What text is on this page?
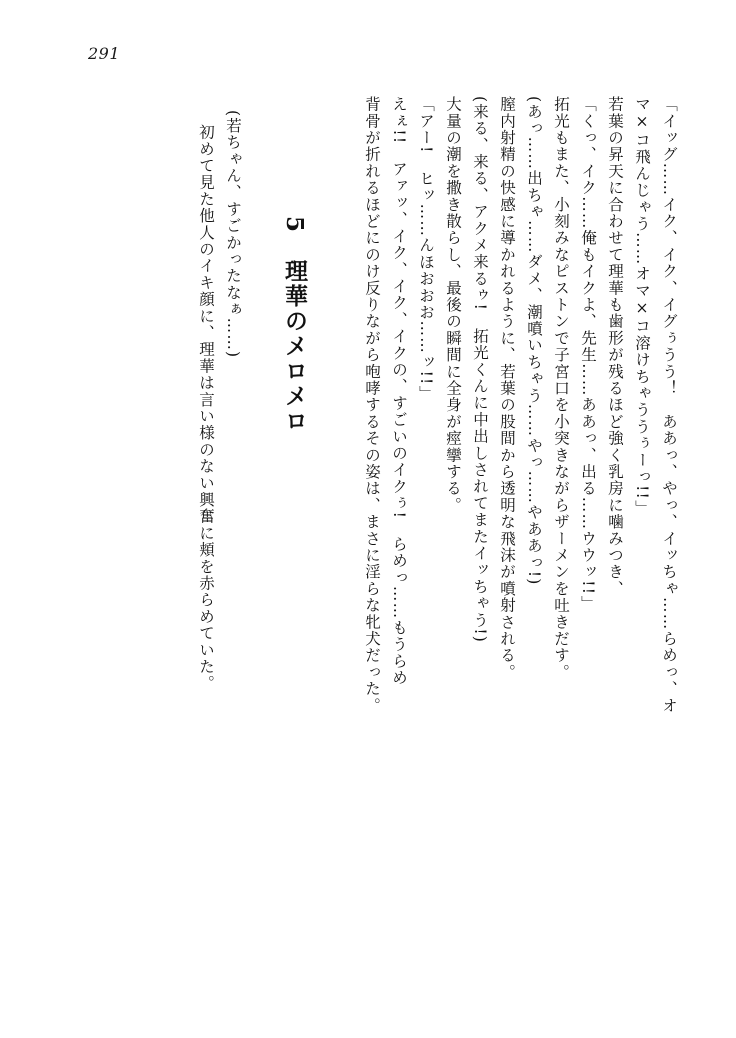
291
「イッグ……イク、イク、イグぅうう！　ああっ、やっ、イッちゃ……らめっ、オ
マ×コ飛んじゃう……オマ×コ溶けちゃううぅーっ!!」
若葉の昇天に合わせて理華も歯形が残るほど強く乳房に噛みつき、
「くっ、イク……俺もイクよ、先生……ああっ、出る……ウウッ!!」
拓光もまた、小刻みなピストンで子宮口を小突きながらザーメンを吐きだす。
(あっ……出ちゃ……ダメ、潮噴いちゃう……やっ……やああっ!)
膣内射精の快感に導かれるように、若葉の股間から透明な飛沫が噴射される。
(来る、来る、アクメ来るゥ!　拓光くんに中出しされてまたイッちゃう!)
大量の潮を撒き散らし、最後の瞬間に全身が痙攣する。
「アー!　ヒッ……んほおおお……ッ!!」
えぇ!!　アァッ、イク、イク、イクの、すごいのイクぅ!　らめっ……もうらめ
背骨が折れるほどにのけ反りながら咆哮するその姿は、まさに淫らな牝犬だった。
5　理華のメロメロ
(若ちゃん、すごかったなぁ……)
初めて見た他人のイキ顔に、理華は言い様のない興奮に頬を赤らめていた。
